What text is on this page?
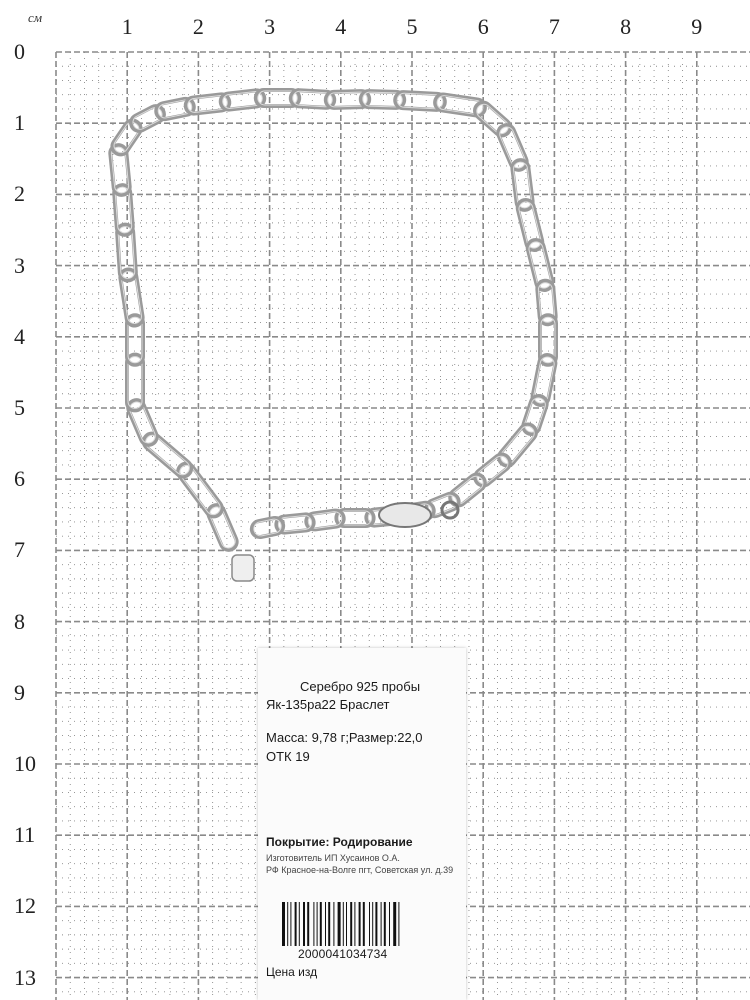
см	1	2	3	4	5	6	7	8	9
0
1
2
3
4
5
6
7
8
9
10
11
12
13
Серебро 925 пробы
Як-135ра22 Браслет
Масса: 9,78 г;Размер:22,0
ОТК 19
Покрытие: Родирование
Изготовитель ИП Хусаинов О.А.
РФ Красное-на-Волге пгт, Советская ул. д.39
2000041034734
Цена изд
